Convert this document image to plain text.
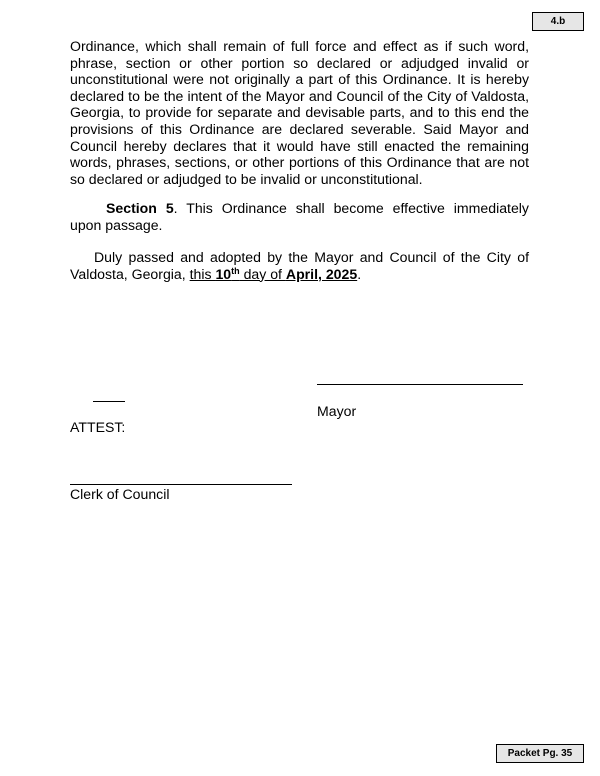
4.b

Ordinance, which shall remain of full force and effect as if such word, phrase, section or other portion so declared or adjudged invalid or unconstitutional were not originally a part of this Ordinance. It is hereby declared to be the intent of the Mayor and Council of the City of Valdosta, Georgia, to provide for separate and devisable parts, and to this end the provisions of this Ordinance are declared severable. Said Mayor and Council hereby declares that it would have still enacted the remaining words, phrases, sections, or other portions of this Ordinance that are not so declared or adjudged to be invalid or unconstitutional.

Section 5. This Ordinance shall become effective immediately upon passage.

Duly passed and adopted by the Mayor and Council of the City of Valdosta, Georgia, this 10th day of April, 2025.

Mayor
ATTEST:
Clerk of Council
Packet Pg. 35
